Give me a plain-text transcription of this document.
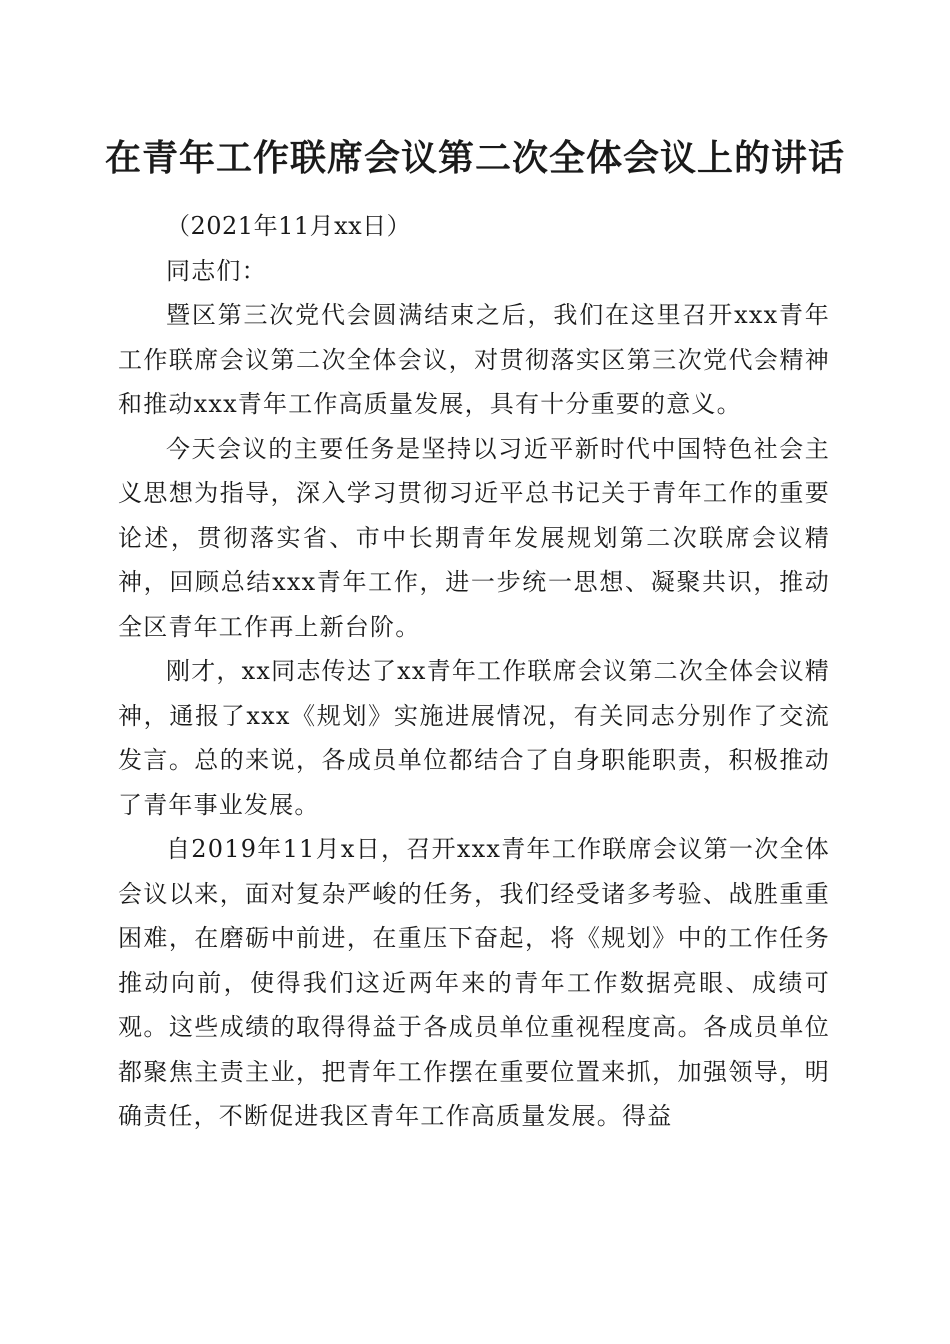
在青年工作联席会议第二次全体会议上的讲话

（2021年11月xx日）

同志们：

暨区第三次党代会圆满结束之后，我们在这里召开xxx青年工作联席会议第二次全体会议，对贯彻落实区第三次党代会精神和推动xxx青年工作高质量发展，具有十分重要的意义。

今天会议的主要任务是坚持以习近平新时代中国特色社会主义思想为指导，深入学习贯彻习近平总书记关于青年工作的重要论述，贯彻落实省、市中长期青年发展规划第二次联席会议精神，回顾总结xxx青年工作，进一步统一思想、凝聚共识，推动全区青年工作再上新台阶。

刚才，xx同志传达了xx青年工作联席会议第二次全体会议精神，通报了xxx《规划》实施进展情况，有关同志分别作了交流发言。总的来说，各成员单位都结合了自身职能职责，积极推动了青年事业发展。

自2019年11月x日，召开xxx青年工作联席会议第一次全体会议以来，面对复杂严峻的任务，我们经受诸多考验、战胜重重困难，在磨砺中前进，在重压下奋起，将《规划》中的工作任务推动向前，使得我们这近两年来的青年工作数据亮眼、成绩可观。这些成绩的取得得益于各成员单位重视程度高。各成员单位都聚焦主责主业，把青年工作摆在重要位置来抓，加强领导，明确责任，不断促进我区青年工作高质量发展。得益
